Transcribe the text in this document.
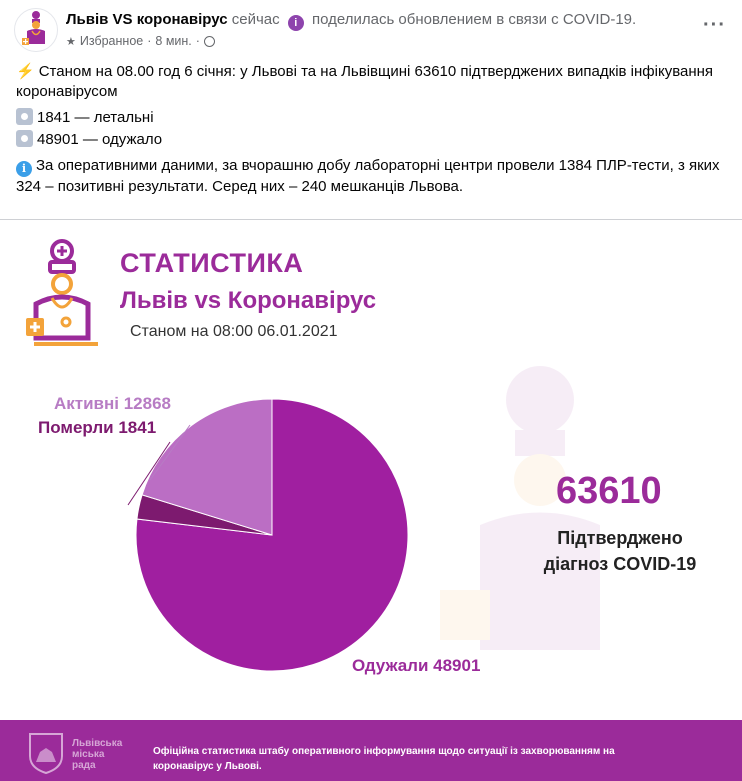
Львів VS коронавірус сейчас i поделилась обновлением в связи с COVID-19.
★ Избранное · 8 мин. ·
···

⚡ Станом на 08.00 год 6 січня: у Львові та на Львівщині 63610 підтверджених випадків інфікування коронавірусом

1841 — летальні

48901 — одужало

i За оперативними даними, за вчорашню добу лабораторні центри провели 1384 ПЛР-тести, з яких 324 – позитивні результати. Серед них – 240 мешканців Львова.

СТАТИСТИКА
Львів vs Коронавірус
Станом на 08:00 06.01.2021
Активні 12868
Померли 1841
Одужали 48901
63610
Підтверджено
діагноз COVID-19
Львівська
міська
рада
Офіційна статистика штабу оперативного інформування щодо ситуації із захворюванням на коронавірус у Львові.
